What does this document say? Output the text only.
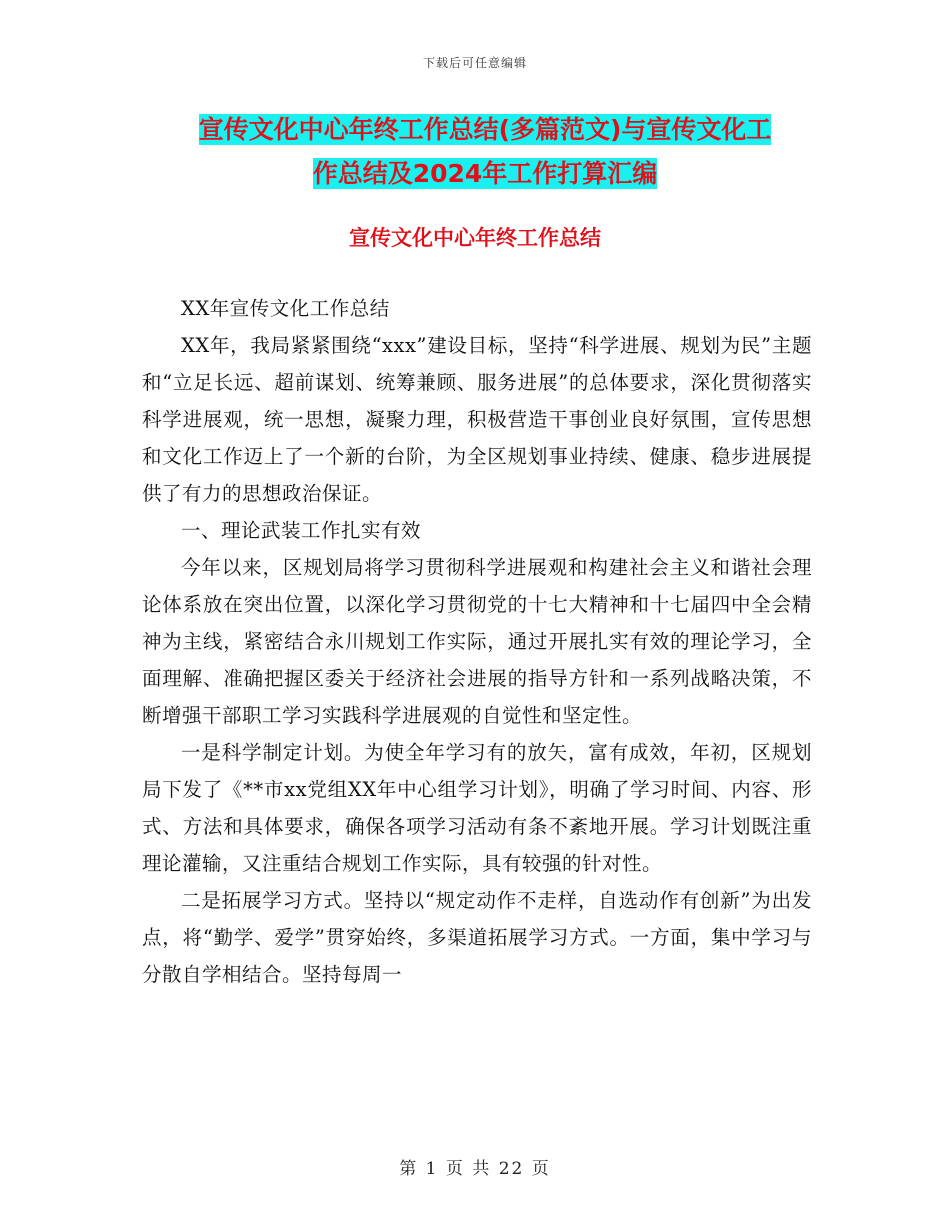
下载后可任意编辑
宣传文化中心年终工作总结(多篇范文)与宣传文化工
作总结及2024年工作打算汇编
宣传文化中心年终工作总结

XX年宣传文化工作总结

XX年，我局紧紧围绕“xxx”建设目标，坚持“科学进展、规划为民”主题和“立足长远、超前谋划、统筹兼顾、服务进展”的总体要求，深化贯彻落实科学进展观，统一思想，凝聚力理，积极营造干事创业良好氛围，宣传思想和文化工作迈上了一个新的台阶，为全区规划事业持续、健康、稳步进展提供了有力的思想政治保证。

一、理论武装工作扎实有效

今年以来，区规划局将学习贯彻科学进展观和构建社会主义和谐社会理论体系放在突出位置，以深化学习贯彻党的十七大精神和十七届四中全会精神为主线，紧密结合永川规划工作实际，通过开展扎实有效的理论学习，全面理解、准确把握区委关于经济社会进展的指导方针和一系列战略决策，不断增强干部职工学习实践科学进展观的自觉性和坚定性。

一是科学制定计划。为使全年学习有的放矢，富有成效，年初，区规划局下发了《**市xx党组XX年中心组学习计划》，明确了学习时间、内容、形式、方法和具体要求，确保各项学习活动有条不紊地开展。学习计划既注重理论灌输，又注重结合规划工作实际，具有较强的针对性。

二是拓展学习方式。坚持以“规定动作不走样，自选动作有创新”为出发点，将“勤学、爱学”贯穿始终，多渠道拓展学习方式。一方面，集中学习与分散自学相结合。坚持每周一

第 1 页 共 22 页
